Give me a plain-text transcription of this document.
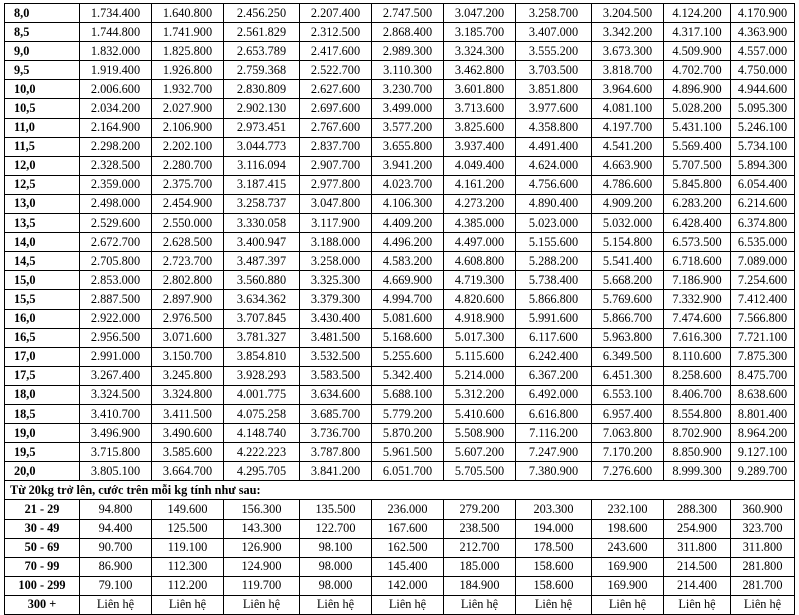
8,0	1.734.400	1.640.800	2.456.250	2.207.400	2.747.500	3.047.200	3.258.700	3.204.500	4.124.200	4.170.900
8,5	1.744.800	1.741.900	2.561.829	2.312.500	2.868.400	3.185.700	3.407.000	3.342.200	4.317.100	4.363.900
9,0	1.832.000	1.825.800	2.653.789	2.417.600	2.989.300	3.324.300	3.555.200	3.673.300	4.509.900	4.557.000
9,5	1.919.400	1.926.800	2.759.368	2.522.700	3.110.300	3.462.800	3.703.500	3.818.700	4.702.700	4.750.000
10,0	2.006.600	1.932.700	2.830.809	2.627.600	3.230.700	3.601.800	3.851.800	3.964.600	4.896.900	4.944.600
10,5	2.034.200	2.027.900	2.902.130	2.697.600	3.499.000	3.713.600	3.977.600	4.081.100	5.028.200	5.095.300
11,0	2.164.900	2.106.900	2.973.451	2.767.600	3.577.200	3.825.600	4.358.800	4.197.700	5.431.100	5.246.100
11,5	2.298.200	2.202.100	3.044.773	2.837.700	3.655.800	3.937.400	4.491.400	4.541.200	5.569.400	5.734.100
12,0	2.328.500	2.280.700	3.116.094	2.907.700	3.941.200	4.049.400	4.624.000	4.663.900	5.707.500	5.894.300
12,5	2.359.000	2.375.700	3.187.415	2.977.800	4.023.700	4.161.200	4.756.600	4.786.600	5.845.800	6.054.400
13,0	2.498.000	2.454.900	3.258.737	3.047.800	4.106.300	4.273.200	4.890.400	4.909.200	6.283.200	6.214.600
13,5	2.529.600	2.550.000	3.330.058	3.117.900	4.409.200	4.385.000	5.023.000	5.032.000	6.428.400	6.374.800
14,0	2.672.700	2.628.500	3.400.947	3.188.000	4.496.200	4.497.000	5.155.600	5.154.800	6.573.500	6.535.000
14,5	2.705.800	2.723.700	3.487.397	3.258.000	4.583.200	4.608.800	5.288.200	5.541.400	6.718.600	7.089.000
15,0	2.853.000	2.802.800	3.560.880	3.325.300	4.669.900	4.719.300	5.738.400	5.668.200	7.186.900	7.254.600
15,5	2.887.500	2.897.900	3.634.362	3.379.300	4.994.700	4.820.600	5.866.800	5.769.600	7.332.900	7.412.400
16,0	2.922.000	2.976.500	3.707.845	3.430.400	5.081.600	4.918.900	5.991.600	5.866.700	7.474.600	7.566.800
16,5	2.956.500	3.071.600	3.781.327	3.481.500	5.168.600	5.017.300	6.117.600	5.963.800	7.616.300	7.721.100
17,0	2.991.000	3.150.700	3.854.810	3.532.500	5.255.600	5.115.600	6.242.400	6.349.500	8.110.600	7.875.300
17,5	3.267.400	3.245.800	3.928.293	3.583.500	5.342.400	5.214.000	6.367.200	6.451.300	8.258.600	8.475.700
18,0	3.324.500	3.324.800	4.001.775	3.634.600	5.688.100	5.312.200	6.492.000	6.553.100	8.406.700	8.638.600
18,5	3.410.700	3.411.500	4.075.258	3.685.700	5.779.200	5.410.600	6.616.800	6.957.400	8.554.800	8.801.400
19,0	3.496.900	3.490.600	4.148.740	3.736.700	5.870.200	5.508.900	7.116.200	7.063.800	8.702.900	8.964.200
19,5	3.715.800	3.585.600	4.222.223	3.787.800	5.961.500	5.607.200	7.247.900	7.170.200	8.850.900	9.127.100
20,0	3.805.100	3.664.700	4.295.705	3.841.200	6.051.700	5.705.500	7.380.900	7.276.600	8.999.300	9.289.700
Từ 20kg trở lên, cước trên mỗi kg tính như sau:										
21 - 29	94.800	149.600	156.300	135.500	236.000	279.200	203.300	232.100	288.300	360.900
30 - 49	94.400	125.500	143.300	122.700	167.600	238.500	194.000	198.600	254.900	323.700
50 - 69	90.700	119.100	126.900	98.100	162.500	212.700	178.500	243.600	311.800	311.800
70 - 99	86.900	112.300	124.900	98.000	145.400	185.000	158.600	169.900	214.500	281.800
100 - 299	79.100	112.200	119.700	98.000	142.000	184.900	158.600	169.900	214.400	281.700
300 +	Liên hệ	Liên hệ	Liên hệ	Liên hệ	Liên hệ	Liên hệ	Liên hệ	Liên hệ	Liên hệ	Liên hệ
